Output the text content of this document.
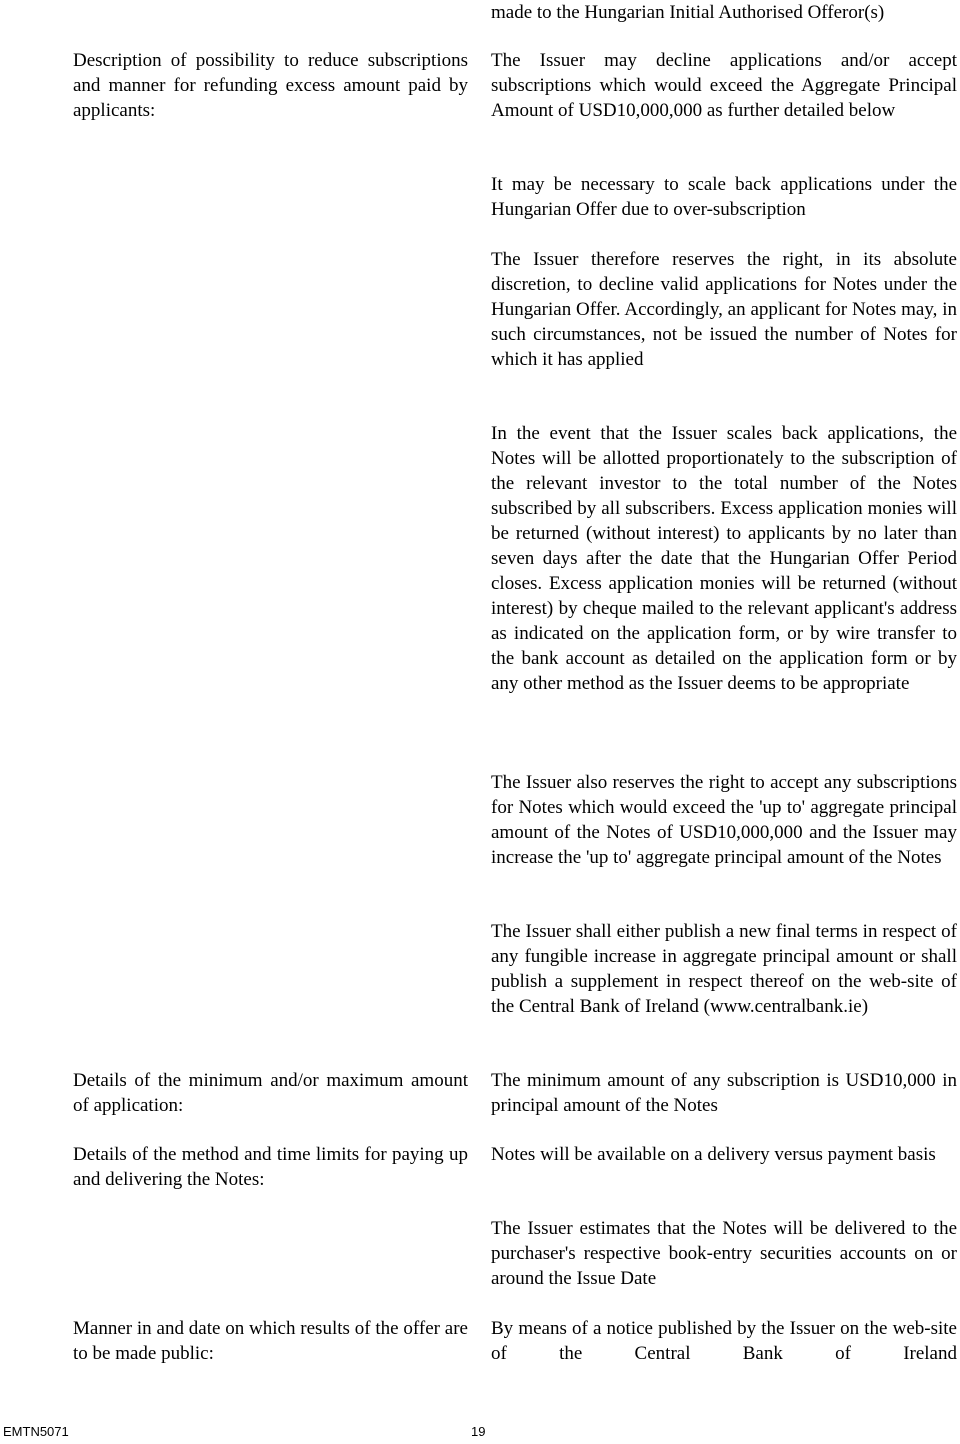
made to the Hungarian Initial Authorised Offeror(s)
Description of possibility to reduce subscriptions and manner for refunding excess amount paid by applicants:
The Issuer may decline applications and/or accept subscriptions which would exceed the Aggregate Principal Amount of USD10,000,000 as further detailed below
It may be necessary to scale back applications under the Hungarian Offer due to over-subscription
The Issuer therefore reserves the right, in its absolute discretion, to decline valid applications for Notes under the Hungarian Offer. Accordingly, an applicant for Notes may, in such circumstances, not be issued the number of Notes for which it has applied
In the event that the Issuer scales back applications, the Notes will be allotted proportionately to the subscription of the relevant investor to the total number of the Notes subscribed by all subscribers. Excess application monies will be returned (without interest) to applicants by no later than seven days after the date that the Hungarian Offer Period closes. Excess application monies will be returned (without interest) by cheque mailed to the relevant applicant's address as indicated on the application form, or by wire transfer to the bank account as detailed on the application form or by any other method as the Issuer deems to be appropriate
The Issuer also reserves the right to accept any subscriptions for Notes which would exceed the 'up to' aggregate principal amount of the Notes of USD10,000,000 and the Issuer may increase the 'up to' aggregate principal amount of the Notes
The Issuer shall either publish a new final terms in respect of any fungible increase in aggregate principal amount or shall publish a supplement in respect thereof on the web-site of the Central Bank of Ireland (www.centralbank.ie)
Details of the minimum and/or maximum amount of application:
The minimum amount of any subscription is USD10,000 in principal amount of the Notes
Details of the method and time limits for paying up and delivering the Notes:
Notes will be available on a delivery versus payment basis
The Issuer estimates that the Notes will be delivered to the purchaser's respective book-entry securities accounts on or around the Issue Date
Manner in and date on which results of the offer are to be made public:
By means of a notice published by the Issuer on the web-site of the Central Bank of Ireland
EMTN5071	19
